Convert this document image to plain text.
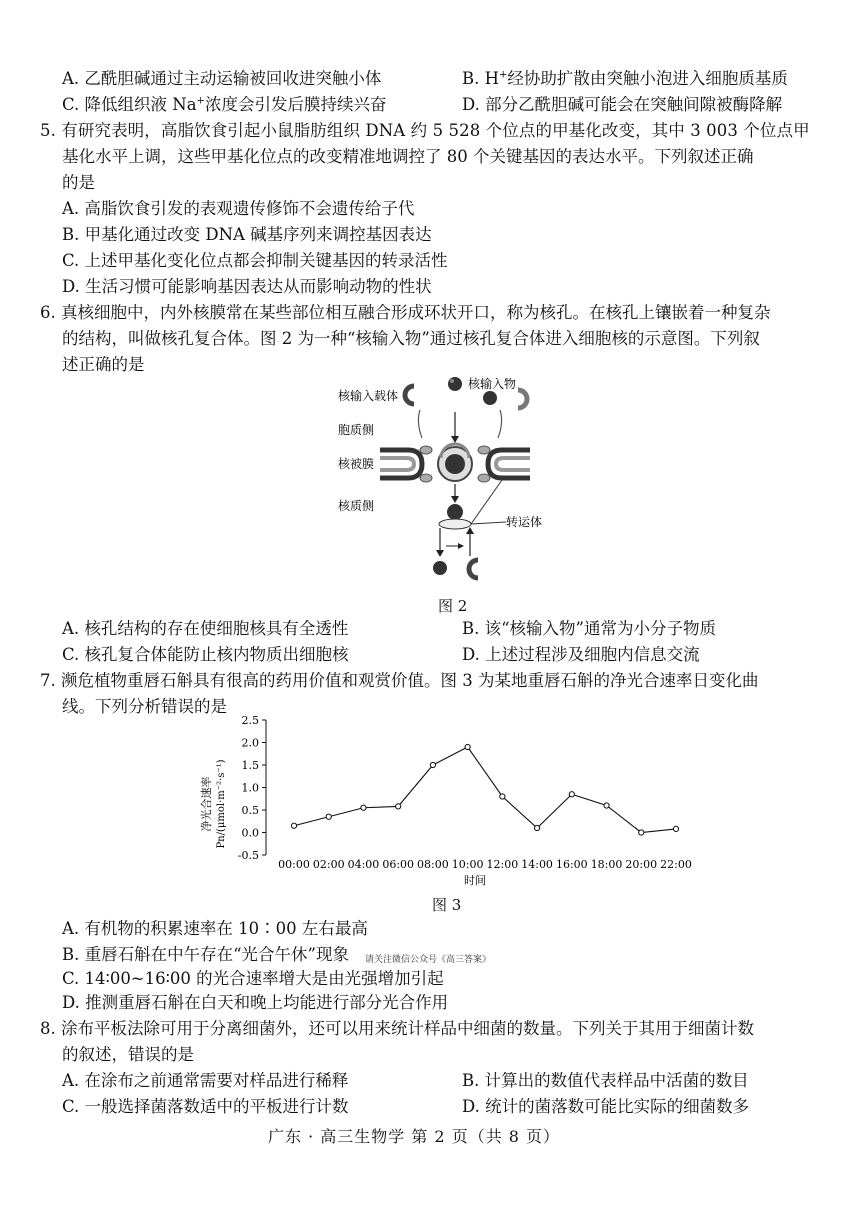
A. 乙酰胆碱通过主动运输被回收进突触小体	B. H+经协助扩散由突触小泡进入细胞质基质
C. 降低组织液 Na+浓度会引发后膜持续兴奋	D. 部分乙酰胆碱可能会在突触间隙被酶降解
5. 有研究表明，高脂饮食引起小鼠脂肪组织 DNA 约 5 528 个位点的甲基化改变，其中 3 003 个位点甲
基化水平上调，这些甲基化位点的改变精准地调控了 80 个关键基因的表达水平。下列叙述正确
的是
A. 高脂饮食引发的表观遗传修饰不会遗传给子代
B. 甲基化通过改变 DNA 碱基序列来调控基因表达
C. 上述甲基化变化位点都会抑制关键基因的转录活性
D. 生活习惯可能影响基因表达从而影响动物的性状
6. 真核细胞中，内外核膜常在某些部位相互融合形成环状开口，称为核孔。在核孔上镶嵌着一种复杂
的结构，叫做核孔复合体。图 2 为一种“核输入物”通过核孔复合体进入细胞核的示意图。下列叙
述正确的是
核输入载体
核输入物
胞质侧
核被膜
核质侧
转运体
图 2
A. 核孔结构的存在使细胞核具有全透性	B. 该“核输入物”通常为小分子物质
C. 核孔复合体能防止核内物质出细胞核	D. 上述过程涉及细胞内信息交流
7. 濒危植物重唇石斛具有很高的药用价值和观赏价值。图 3 为某地重唇石斛的净光合速率日变化曲
线。下列分析错误的是
净光合速率 Pn/(μmol·m⁻²·s⁻¹)
2.5
2.0
1.5
1.0
0.5
0.0
-0.5
00:00 02:00 04:00 06:00 08:00 10:00 12:00 14:00 16:00 18:00 20:00 22:00
时间
图 3
A. 有机物的积累速率在 10∶00 左右最高
B. 重唇石斛在中午存在“光合午休”现象 请关注微信公众号《高三答案》
C. 14∶00~16∶00 的光合速率增大是由光强增加引起
D. 推测重唇石斛在白天和晚上均能进行部分光合作用
8. 涂布平板法除可用于分离细菌外，还可以用来统计样品中细菌的数量。下列关于其用于细菌计数
的叙述，错误的是
A. 在涂布之前通常需要对样品进行稀释	B. 计算出的数值代表样品中活菌的数目
C. 一般选择菌落数适中的平板进行计数	D. 统计的菌落数可能比实际的细菌数多
广东 · 高三生物学 第 2 页（共 8 页）
